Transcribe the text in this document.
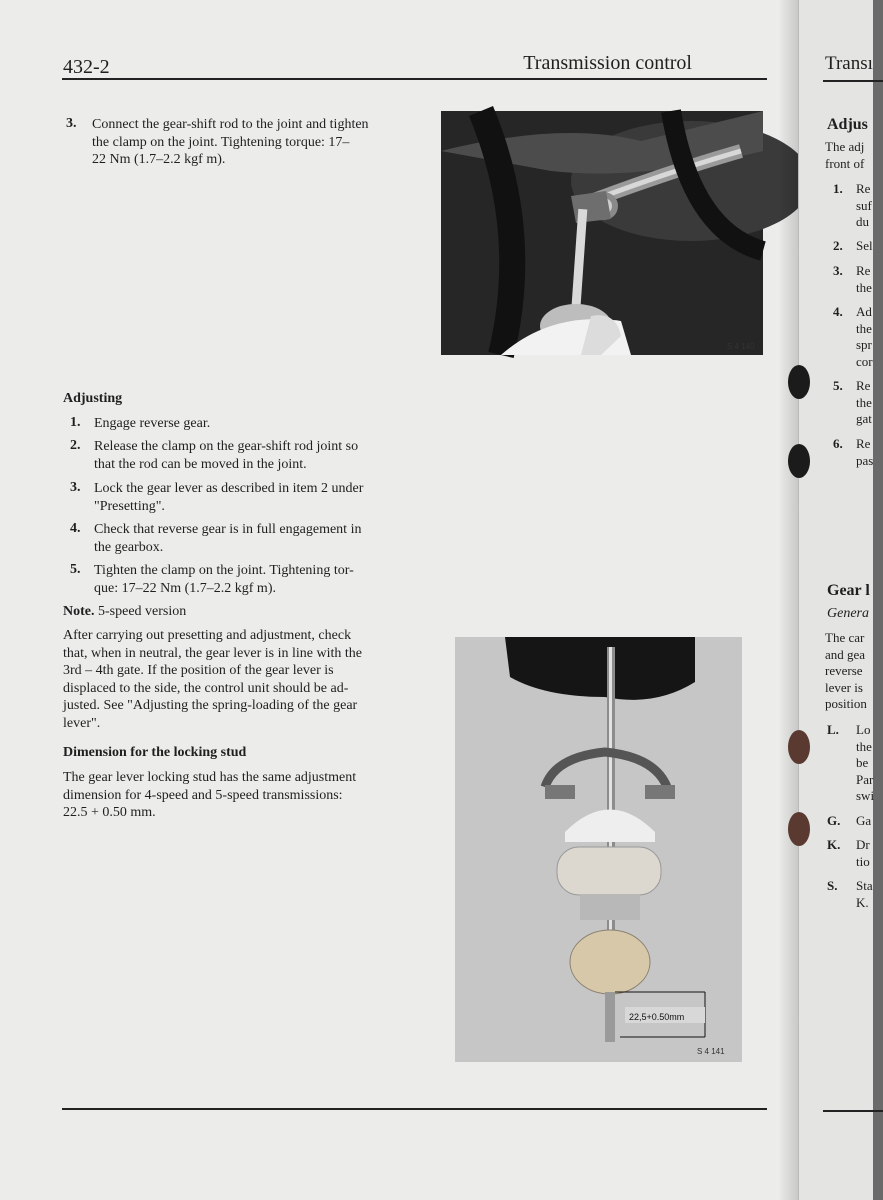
432-2	Transmission control
3. Connect the gear-shift rod to the joint and tighten
the clamp on the joint. Tightening torque: 17–
22 Nm (1.7–2.2 kgf m).
S 4 140
Adjusting
1. Engage reverse gear.
2. Release the clamp on the gear-shift rod joint so
that the rod can be moved in the joint.
3. Lock the gear lever as described in item 2 under
"Presetting".
4. Check that reverse gear is in full engagement in
the gearbox.
5. Tighten the clamp on the joint. Tightening tor-
que: 17–22 Nm (1.7–2.2 kgf m).
Note. 5-speed version
After carrying out presetting and adjustment, check
that, when in neutral, the gear lever is in line with the
3rd – 4th gate. If the position of the gear lever is
displaced to the side, the control unit should be ad-
justed. See "Adjusting the spring-loading of the gear
lever".
Dimension for the locking stud
The gear lever locking stud has the same adjustment
dimension for 4-speed and 5-speed transmissions:
22.5 + 0.50 mm.
22,5+0.50mm
S 4 141
Transı
Adjus
The adj
front of
1. Re
suf
du
2. Sel
3. Re
the
4. Ad
the
spr
cor
5. Re
the
gat
6. Re
pas
Gear l
Genera
The car
and gea
reverse
lever is
position
L. Lo
the
be
Par
swi
G. Ga
K. Dr
tio
S. Sta
K.
